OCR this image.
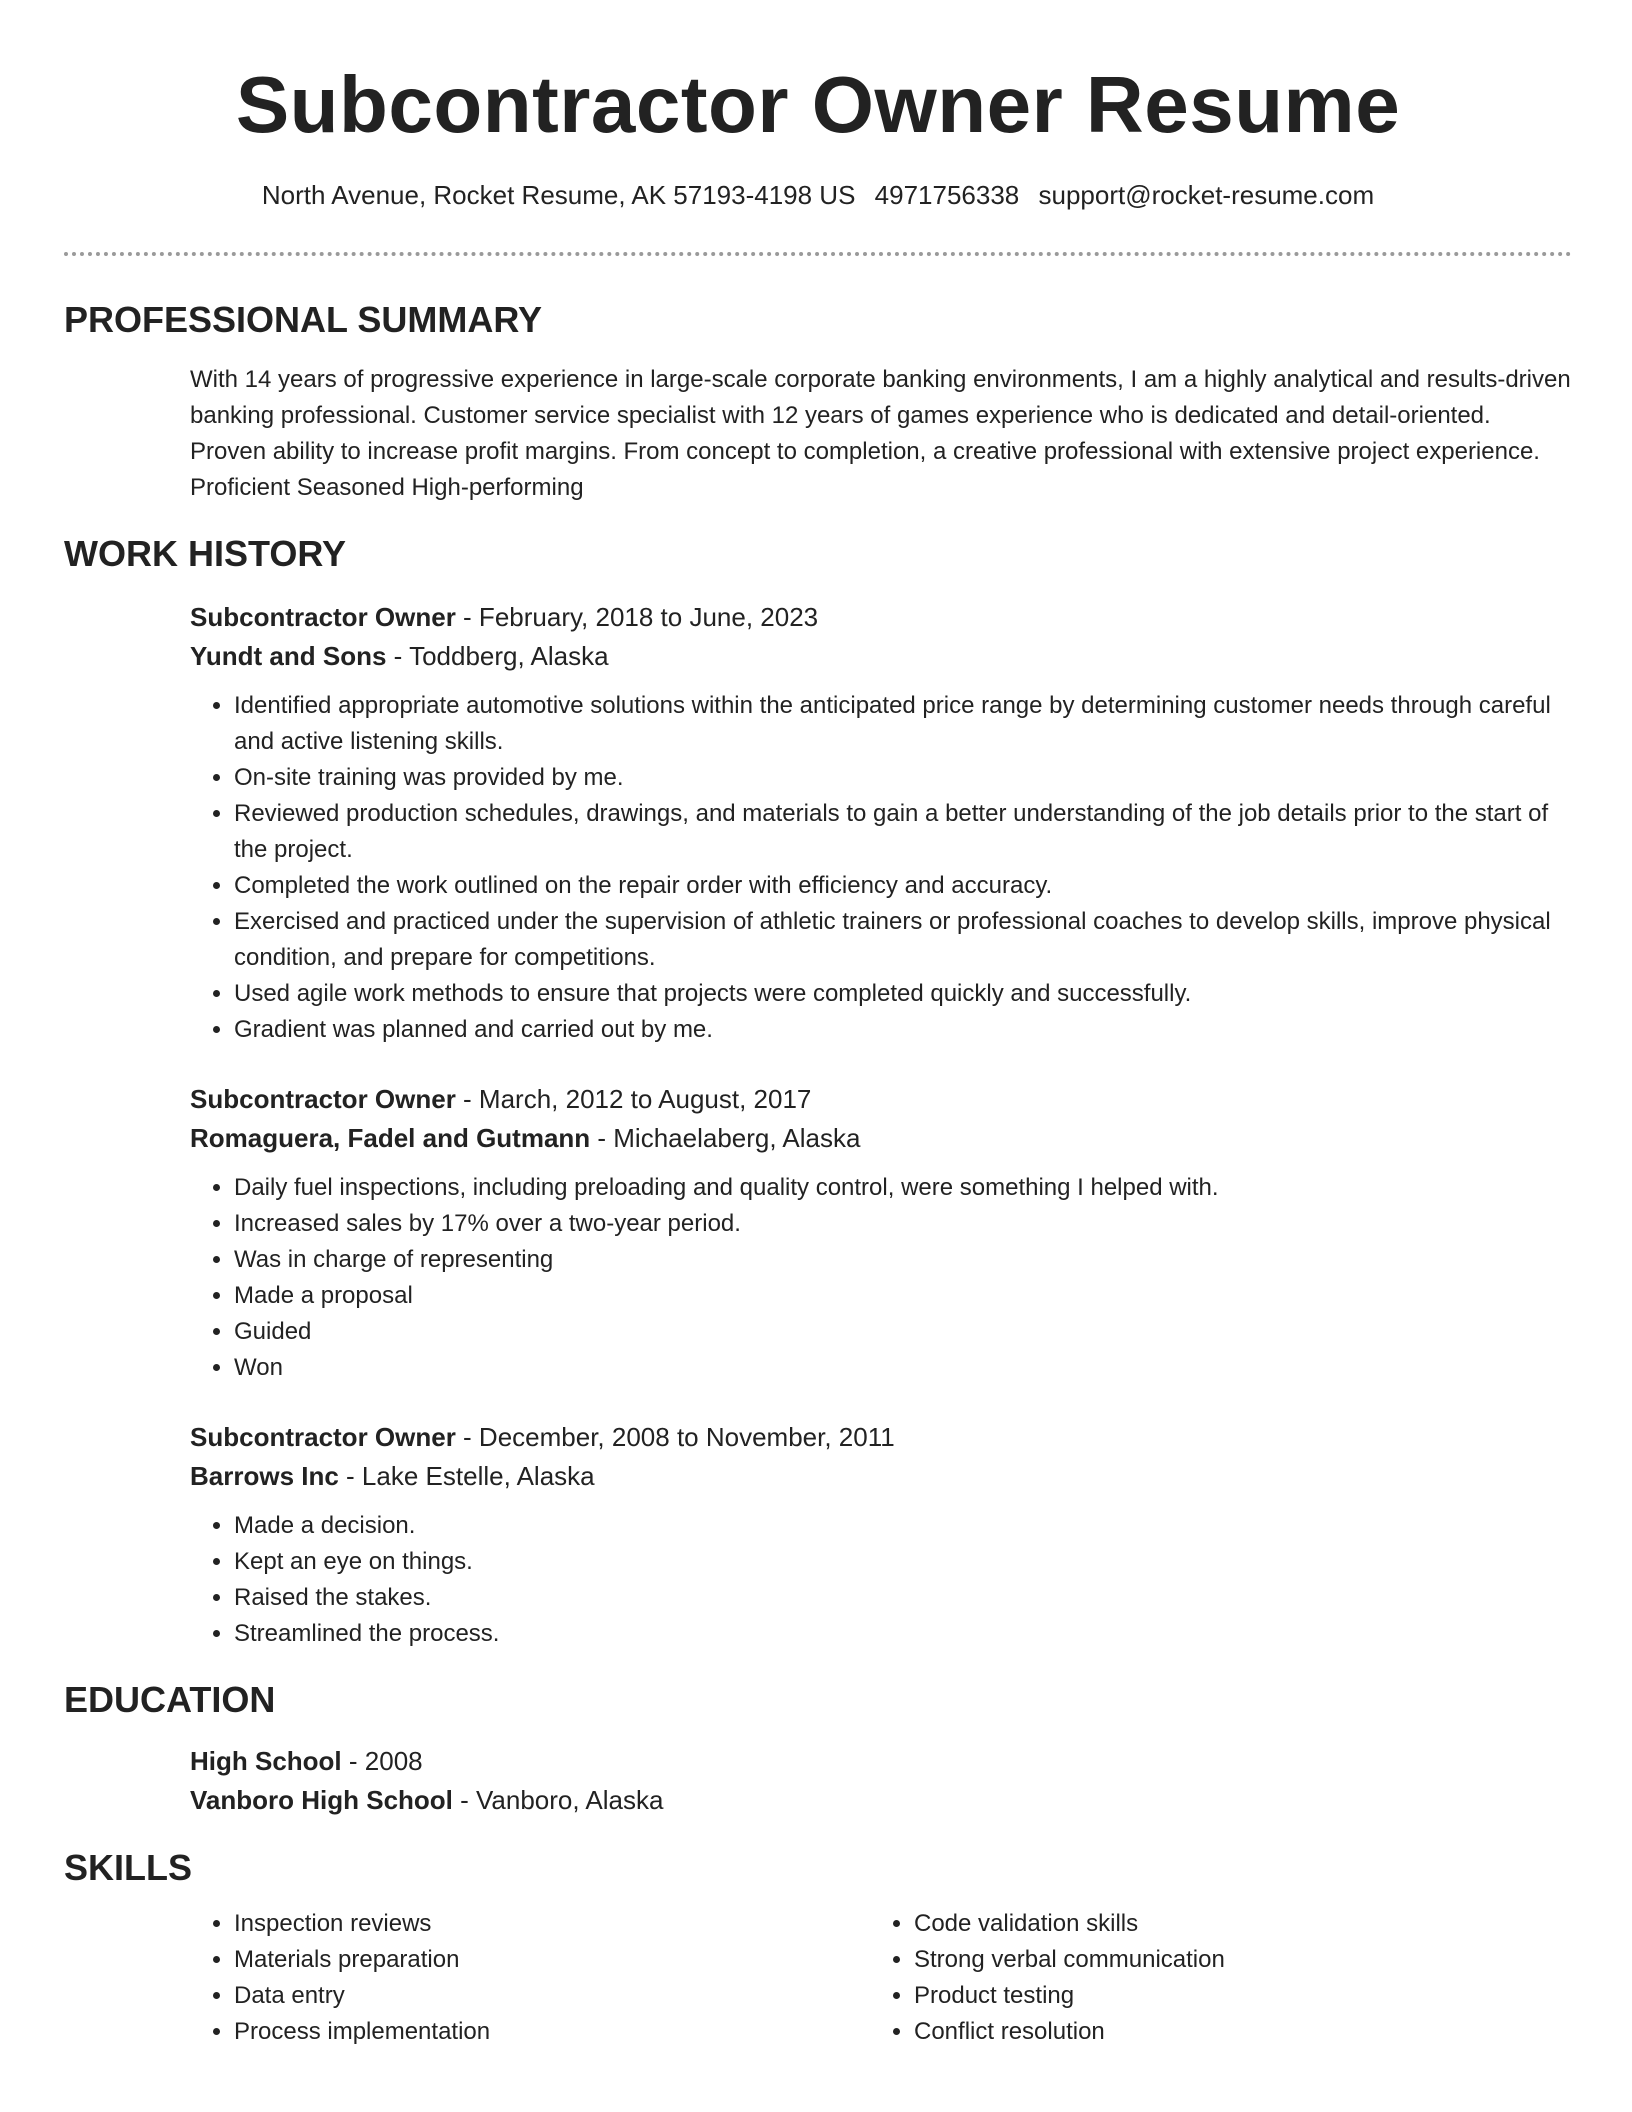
Subcontractor Owner Resume
North Avenue, Rocket Resume, AK 57193-4198 US 4971756338 support@rocket-resume.com
PROFESSIONAL SUMMARY

With 14 years of progressive experience in large-scale corporate banking environments, I am a highly analytical and results-driven banking professional. Customer service specialist with 12 years of games experience who is dedicated and detail-oriented. Proven ability to increase profit margins. From concept to completion, a creative professional with extensive project experience. Proficient Seasoned High-performing

WORK HISTORY
Subcontractor Owner - February, 2018 to June, 2023
Yundt and Sons - Toddberg, Alaska
• Identified appropriate automotive solutions within the anticipated price range by determining customer needs through careful and active listening skills.
• On-site training was provided by me.
• Reviewed production schedules, drawings, and materials to gain a better understanding of the job details prior to the start of the project.
• Completed the work outlined on the repair order with efficiency and accuracy.
• Exercised and practiced under the supervision of athletic trainers or professional coaches to develop skills, improve physical condition, and prepare for competitions.
• Used agile work methods to ensure that projects were completed quickly and successfully.
• Gradient was planned and carried out by me.
Subcontractor Owner - March, 2012 to August, 2017
Romaguera, Fadel and Gutmann - Michaelaberg, Alaska
• Daily fuel inspections, including preloading and quality control, were something I helped with.
• Increased sales by 17% over a two-year period.
• Was in charge of representing
• Made a proposal
• Guided
• Won
Subcontractor Owner - December, 2008 to November, 2011
Barrows Inc - Lake Estelle, Alaska
• Made a decision.
• Kept an eye on things.
• Raised the stakes.
• Streamlined the process.
EDUCATION
High School - 2008
Vanboro High School - Vanboro, Alaska
SKILLS
• Inspection reviews
• Materials preparation
• Data entry
• Process implementation
• Code validation skills
• Strong verbal communication
• Product testing
• Conflict resolution
